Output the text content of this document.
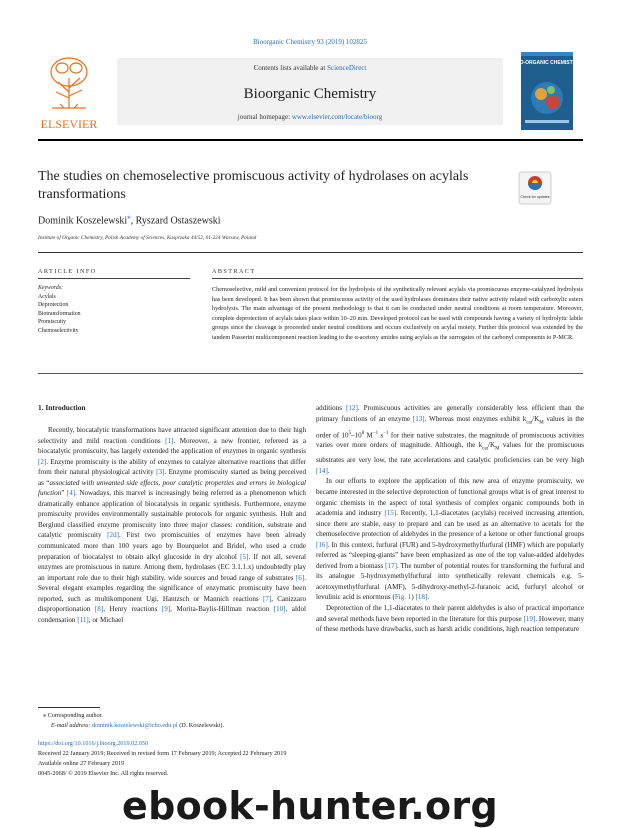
Bioorganic Chemistry 93 (2019) 102825
ELSEVIER
Contents lists available at ScienceDirect
Bioorganic Chemistry
journal homepage: www.elsevier.com/locate/bioorg
BIO-ORGANIC CHEMISTRY
The studies on chemoselective promiscuous activity of hydrolases on acylals transformations	Check for updates
Dominik Koszelewski⁎, Ryszard Ostaszewski
Institute of Organic Chemistry, Polish Academy of Sciences, Kasprzaka 44/52, 01-224 Warsaw, Poland
ARTICLE INFO
Keywords:
Acylals
Deprotection
Biotransformation
Promiscuity
Chemoselectivity
ABSTRACT
Chemoselective, mild and convenient protocol for the hydrolysis of the synthetically relevant acylals via promiscuous enzyme-catalyzed hydrolysis has been developed. It has been shown that promiscuous activity of the used hydrolases dominates their native activity related with carboxylic esters hydrolysis. The main advantage of the present methodology is that it can be conducted under neutral conditions at room temperature. Moreover, complete deprotection of acylals takes place within 10–20 min. Developed protocol can be used with compounds having a variety of hydrolytic labile groups since the cleavage is proceeded under neutral conditions and occurs exclusively on acylal moiety. Further this protocol was extended by the tandem Passerini multicomponent reaction leading to the α-acetoxy amides using acylals as the surrogates of the carbonyl components to P-MCR.
1. Introduction

Recently, biocatalytic transformations have attracted significant attention due to their high selectivity and mild reaction conditions [1]. Moreover, a new frontier, refereed as a biocatalytic promiscuity, has largely extended the application of enzymes in organic synthesis [2]. Enzyme promiscuity is the ability of enzymes to catalyze alternative reactions that differ from their natural physiological activity [3]. Enzyme promiscuity started as being perceived as “associated with unwanted side effects, poor catalytic properties and errors in biological function” [4]. Nowadays, this marvel is increasingly being referred as a phenomenon which dramatically enhance application of biocatalysis in organic synthesis. Furthermore, enzyme promiscuity provides environmentally sustainable protocols for organic synthesis. Hult and Berglund classified enzyme promiscuity into three major classes: condition, substrate and catalytic promiscuity [2d]. First two promiscuities of enzymes have been already communicated more than 100 years ago by Bourquelot and Bridel, who used a crude preparation of biocatalyst to obtain alkyl glucoside in dry alcohol [5]. If not all, several enzymes are promiscuous in nature. Among them, hydrolases (EC 3.1.1.x) undoubtedly play an important role due to their high stability, wide sources and broad range of substrates [6]. Several elegant examples regarding the significance of enzymatic promiscuity have been reported, such as multikomponent Ugi, Hantzsch or Mannich reactions [7], Canizzaro disproportionation [8], Henry reactions [9], Morita-Baylis-Hillman reaction [10], aldol condensation [11], or Michael

additions [12]. Promiscuous activities are generally considerably less efficient than the primary functions of an enzyme [13]. Whereas most enzymes exhibit $k_{cat}/K_M$ values in the order of $10^5-10^8$ $M^{-1}$ $s^{-1}$ for their native substrates, the magnitude of promiscuous activities varies over more orders of magnitude. Although, the $k_{cat}/K_M$ values for the promiscuous substrates are very low, the rate accelerations and catalytic proficiencies can be very high [14].

In our efforts to explore the application of this new area of enzyme promiscuity, we became interested in the selective deprotection of functional groups what is of great interest to organic chemists in the aspect of total synthesis of complex organic compounds both in academia and industry [15]. Recently, 1,1-diacetates (acylals) received increasing attention, since there are stable, easy to prepare and can be used as an alternative to acetals for the chemoselective protection of aldehydes in the presence of a ketone or other functional groups [16]. In this context, furfural (FUR) and 5-hydroxymethylfurfural (HMF) which are popularly referred as “sleeping-giants” have been emphasized as one of the top value-added aldehydes derived from a biomass [17]. The number of potential routes for transforming the furfural and its analogue 5-hydroxymethylfurfural into synthetically relevant chemicals e.g. 5-acetoxymethylfurfural (AMF), 5-dihydroxy-methyl-2-furanoic acid, furfuryl alcohol or levulinic acid is enormous (Fig. 1) [18].

Deprotection of the 1,1-diacetates to their parent aldehydes is also of practical importance and several methods have been reported in the literature for this purpose [19]. However, many of these methods have drawbacks, such as harsh acidic conditions, high reaction temperature

⁎ Corresponding author.
E-mail address: dominik.koszelewski@icho.edu.pl (D. Koszelewski).
https://doi.org/10.1016/j.bioorg.2019.02.050
Received 22 January 2019; Received in revised form 17 February 2019; Accepted 22 February 2019
Available online 27 February 2019
0045-2068/ © 2019 Elsevier Inc. All rights reserved.
ebook-hunter.org
